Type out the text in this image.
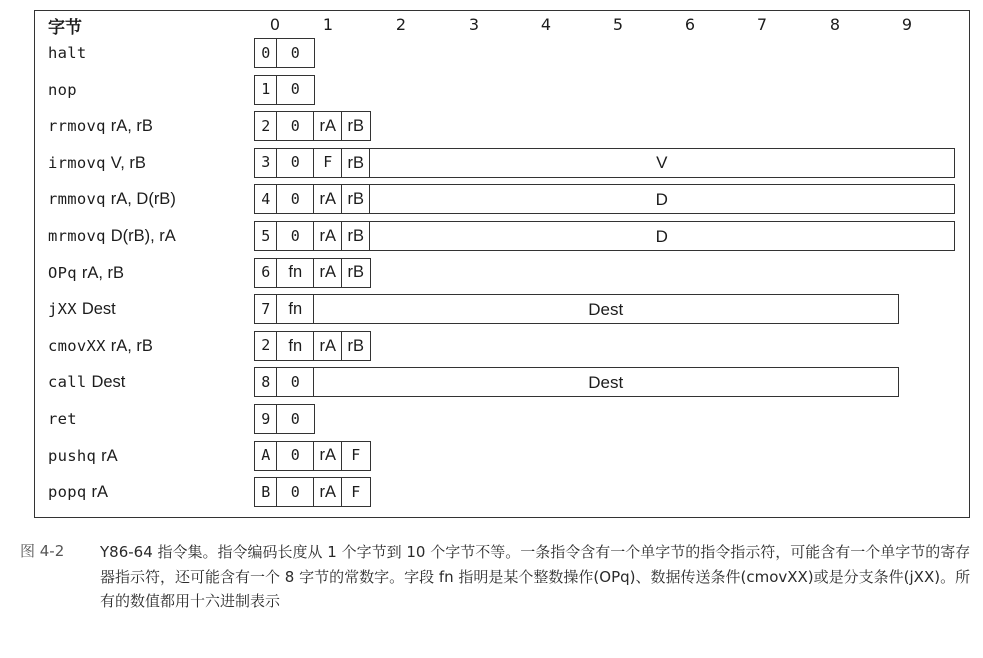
字节	0	1	2	3	4	5	6	7	8	9
halt	0	0
nop	1	0
rrmovq rA, rB	2	0	rA rB
irmovq V, rB	3	0	F rB	V
rmmovq rA, D(rB)	4	0	rA rB	D
mrmovq D(rB), rA	5	0	rA rB	D
OPq rA, rB	6	fn	rA rB
jXX Dest	7	fn	Dest
cmovXX rA, rB	2	fn	rA rB
call Dest	8	0	Dest
ret	9	0
pushq rA	A	0	rA	F
popq rA	B	0	rA	F
图 4-2 Y86-64 指令集。指令编码长度从 1 个字节到 10 个字节不等。一条指令含有一个单字节的指令指示符，可能含有一个单字节的寄存器指示符，还可能含有一个 8 字节的常数字。字段 fn 指明是某个整数操作(OPq)、数据传送条件(cmovXX)或是分支条件(jXX)。所有的数值都用十六进制表示
